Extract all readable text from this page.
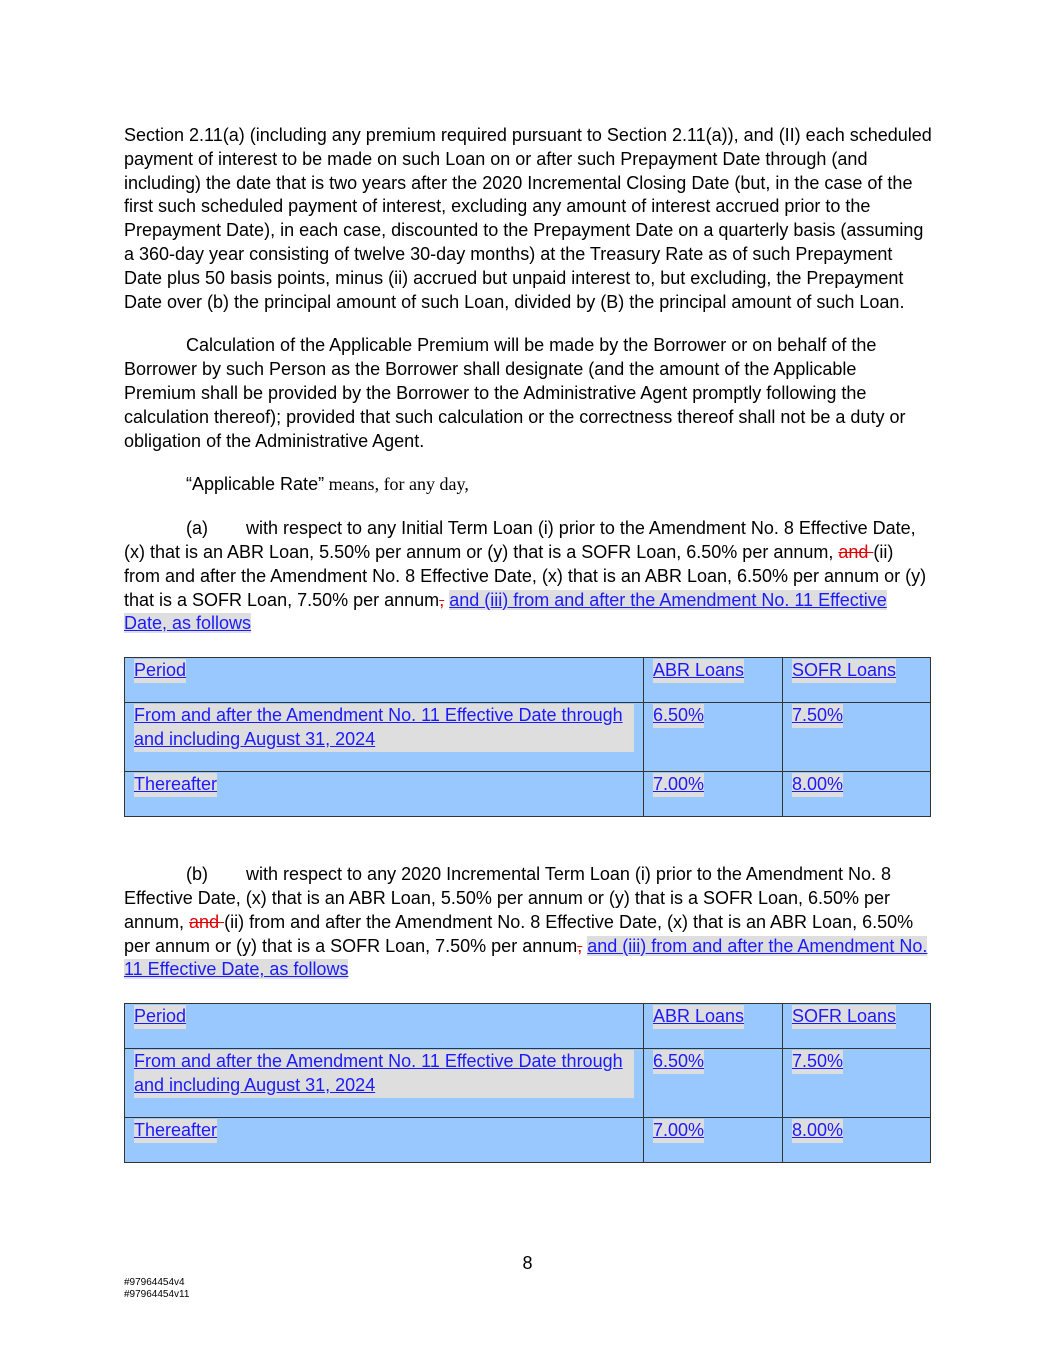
Section 2.11(a) (including any premium required pursuant to Section 2.11(a)), and (II) each scheduled payment of interest to be made on such Loan on or after such Prepayment Date through (and including) the date that is two years after the 2020 Incremental Closing Date (but, in the case of the first such scheduled payment of interest, excluding any amount of interest accrued prior to the Prepayment Date), in each case, discounted to the Prepayment Date on a quarterly basis (assuming a 360-day year consisting of twelve 30-day months) at the Treasury Rate as of such Prepayment Date plus 50 basis points, minus (ii) accrued but unpaid interest to, but excluding, the Prepayment Date over (b) the principal amount of such Loan, divided by (B) the principal amount of such Loan.

Calculation of the Applicable Premium will be made by the Borrower or on behalf of the Borrower by such Person as the Borrower shall designate (and the amount of the Applicable Premium shall be provided by the Borrower to the Administrative Agent promptly following the calculation thereof); provided that such calculation or the correctness thereof shall not be a duty or obligation of the Administrative Agent.

“Applicable Rate” means, for any day,

(a) with respect to any Initial Term Loan (i) prior to the Amendment No. 8 Effective Date, (x) that is an ABR Loan, 5.50% per annum or (y) that is a SOFR Loan, 6.50% per annum, and (ii) from and after the Amendment No. 8 Effective Date, (x) that is an ABR Loan, 6.50% per annum or (y) that is a SOFR Loan, 7.50% per annum, and (iii) from and after the Amendment No. 11 Effective Date, as follows

Period	ABR Loans	SOFR Loans
From and after the Amendment No. 11 Effective Date through and including August 31, 2024	6.50%	7.50%
Thereafter	7.00%	8.00%

(b) with respect to any 2020 Incremental Term Loan (i) prior to the Amendment No. 8 Effective Date, (x) that is an ABR Loan, 5.50% per annum or (y) that is a SOFR Loan, 6.50% per annum, and (ii) from and after the Amendment No. 8 Effective Date, (x) that is an ABR Loan, 6.50% per annum or (y) that is a SOFR Loan, 7.50% per annum, and (iii) from and after the Amendment No. 11 Effective Date, as follows

Period	ABR Loans	SOFR Loans
From and after the Amendment No. 11 Effective Date through and including August 31, 2024	6.50%	7.50%
Thereafter	7.00%	8.00%
8
#97964454v4
#97964454v11
